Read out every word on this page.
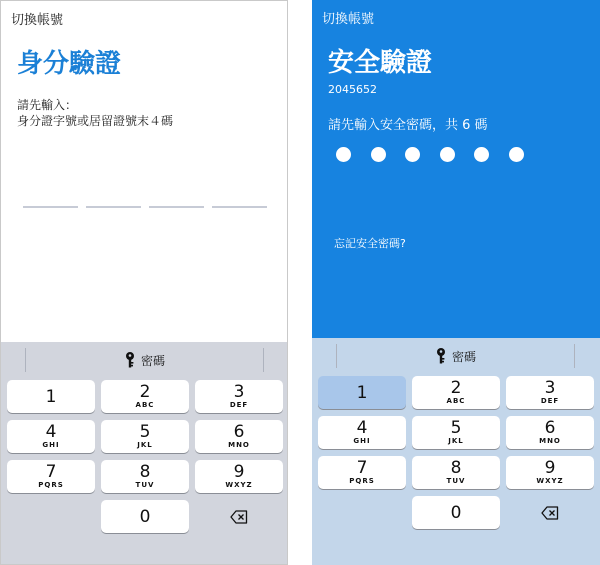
切換帳號
身分驗證
請先輸入：
身分證字號或居留證號末４碼
密碼
1	2
ABC
3
DEF
4
GHI
5
JKL
6
MNO
7
PQRS
8
TUV
9
WXYZ
0
切換帳號
安全驗證
2045652
請先輸入安全密碼，共 6 碼
忘記安全密碼?
密碼
1	2
ABC
3
DEF
4
GHI
5
JKL
6
MNO
7
PQRS
8
TUV
9
WXYZ
0
